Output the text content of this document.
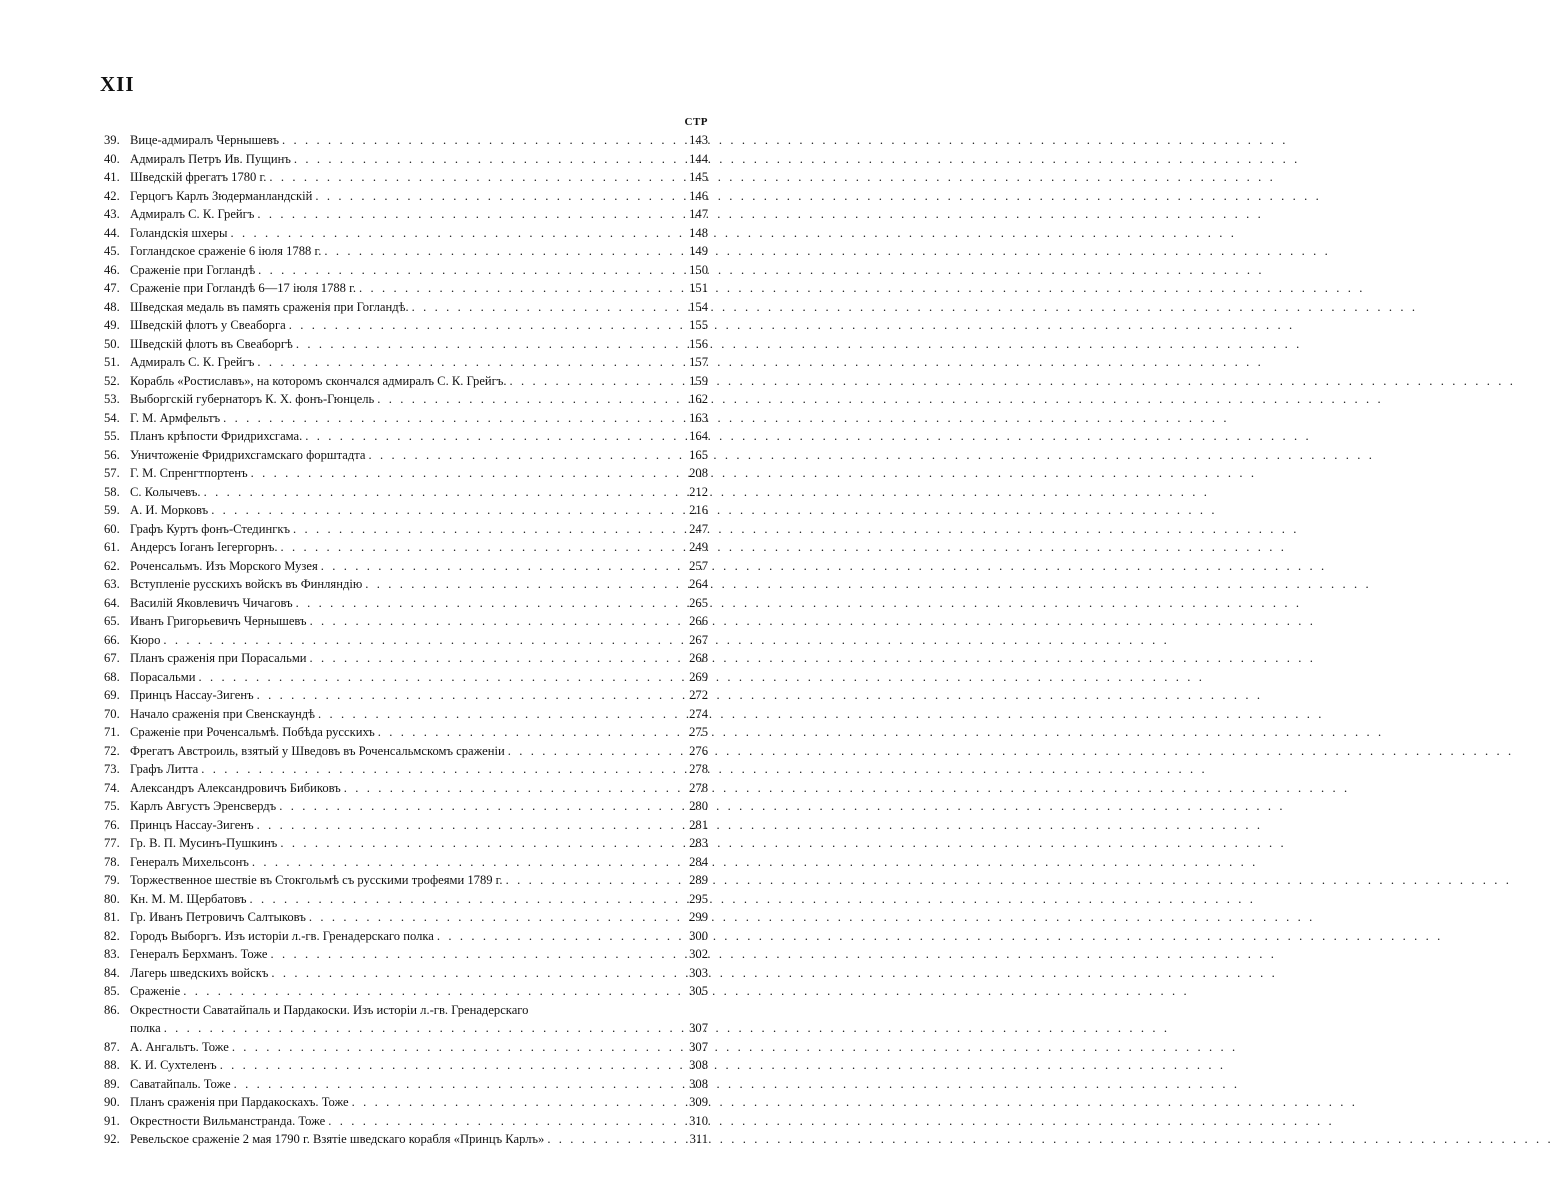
XII
СТР
39. Вице-адмиралъ Чернышевъ . . .	143
40. Адмиралъ Петръ Ив. Пущинъ . . .	144
41. Шведскій фрегатъ 1780 г. . . .	145
42. Герцогъ Карлъ Зюдерманландскій . . .	146
43. Адмиралъ С. К. Грейгъ . . .	147
44. Голандскія шхеры . . .	148
45. Гогландское сраженіе 6 іюля 1788 г. . . .	149
46. Сраженіе при Гогландѣ . . .	150
47. Сраженіе при Гогландѣ 6—17 іюля 1788 г. . . .	151
48. Шведская медаль въ память сраженія при Гогландѣ. . . .	154
49. Шведскій флотъ у Свеаборга . . .	155
50. Шведскій флотъ въ Свеаборгѣ . . .	156
51. Адмиралъ С. К. Грейгъ . . .	157
52. Корабль «Ростиславъ», на которомъ скончался адмиралъ С. К. Грейгъ. . . .	159
53. Выборгскій губернаторъ К. Х. фонъ-Гюнцель . . .	162
54. Г. М. Армфельтъ . . .	163
55. Планъ крѣпости Фридрихсгама. . . .	164
56. Уничтоженіе Фридрихсгамскаго форштадта . . .	165
57. Г. М. Спренгтпортенъ . . .	208
58. С. Колычевъ. . . .	212
59. А. И. Морковъ . . .	216
60. Графъ Куртъ фонъ-Стедингкъ . . .	247
61. Андерсъ Іоганъ Іегергорнъ. . . .	249
62. Роченсальмъ. Изъ Морского Музея . . .	257
63. Вступленіе русскихъ войскъ въ Финляндію . . .	264
64. Василій Яковлевичъ Чичаговъ . . .	265
65. Иванъ Григорьевичъ Чернышевъ . . .	266
66. Кюро . . .	267
67. Планъ сраженія при Порасальми . . .	268
68. Порасальми . . .	269
69. Принцъ Нассау-Зигенъ . . .	272
70. Начало сраженія при Свенскаундѣ . . .	274
71. Сраженіе при Роченсальмѣ. Побѣда русскихъ . . .	275
72. Фрегатъ Австроиль, взятый у Шведовъ въ Роченсальмскомъ сраженіи . . .	276
73. Графъ Литта . . .	278
74. Александръ Александровичъ Бибиковъ . . .	278
75. Карлъ Августъ Эренсвердъ . . .	280
76. Принцъ Нассау-Зигенъ . . .	281
77. Гр. В. П. Мусинъ-Пушкинъ . . .	283
78. Генералъ Михельсонъ . . .	284
79. Торжественное шествіе въ Стокгольмѣ съ русскими трофеями 1789 г. . . .	289
80. Кн. М. М. Щербатовъ . . .	295
81. Гр. Иванъ Петровичъ Салтыковъ . . .	299
82. Городъ Выборгъ. Изъ исторіи л.-гв. Гренадерскаго полка . . .	300
83. Генералъ Берхманъ. Тоже . . .	302
84. Лагерь шведскихъ войскъ . . .	303
85. Сраженіе . . .	305
86. Окрестности Саватайпаль и Пардакоски. Изъ исторіи л.-гв. Гренадерскаго
полка . . .	307
87. А. Ангальтъ. Тоже . . .	307
88. К. И. Сухтеленъ . . .	308
89. Саватайпаль. Тоже . . .	308
90. Планъ сраженія при Пардакоскахъ. Тоже . . .	309
91. Окрестности Вильманстранда. Тоже . . .	310
92. Ревельское сраженіе 2 мая 1790 г. Взятіе шведскаго корабля «Принцъ Карлъ» . . .	311
